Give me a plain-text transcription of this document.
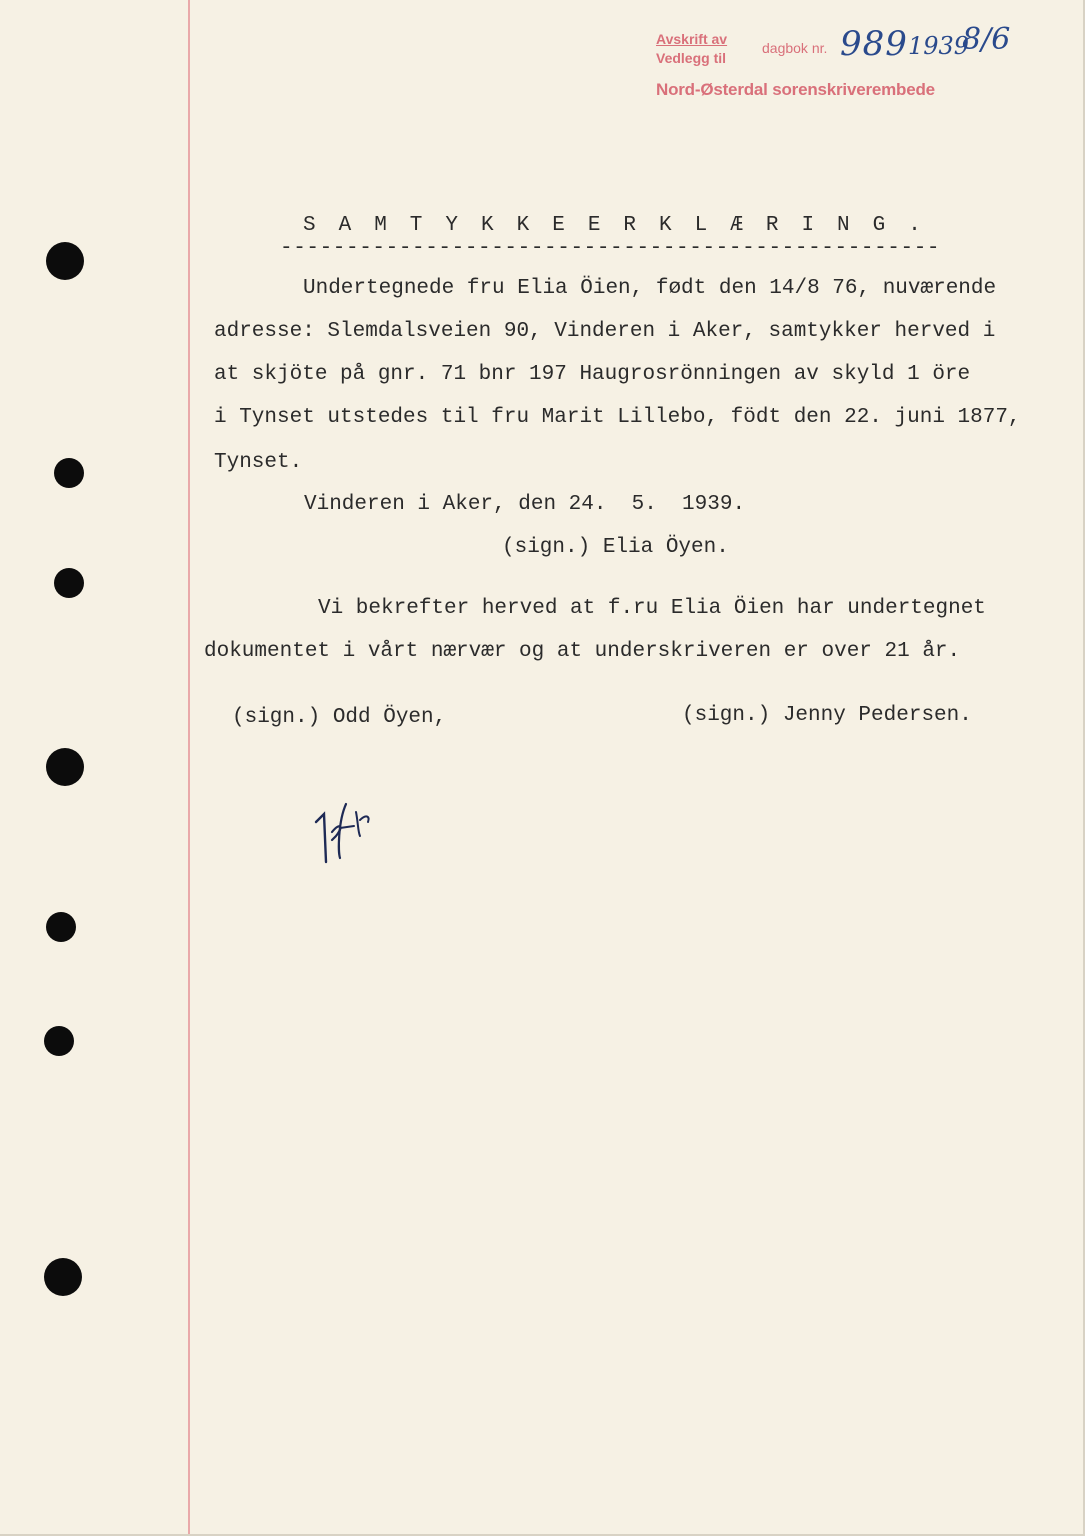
Avskrift av
Vedlegg til
dagbok nr.
Nord-Østerdal sorenskriverembede
989 1939
8/6
S A M T Y K K E E R K L Æ R I N G .
--------------------------------------------------
Undertegnede fru Elia Öien, født den 14/8 76, nuværende
adresse: Slemdalsveien 90, Vinderen i Aker, samtykker herved i
at skjöte på gnr. 71 bnr 197 Haugrosrönningen av skyld 1 öre
i Tynset utstedes til fru Marit Lillebo, födt den 22. juni 1877,
Tynset.
Vinderen i Aker, den 24.  5.  1939.
(sign.) Elia Öyen.
Vi bekrefter herved at f.ru Elia Öien har undertegnet
dokumentet i vårt nærvær og at underskriveren er over 21 år.
(sign.) Odd Öyen,	(sign.) Jenny Pedersen.
